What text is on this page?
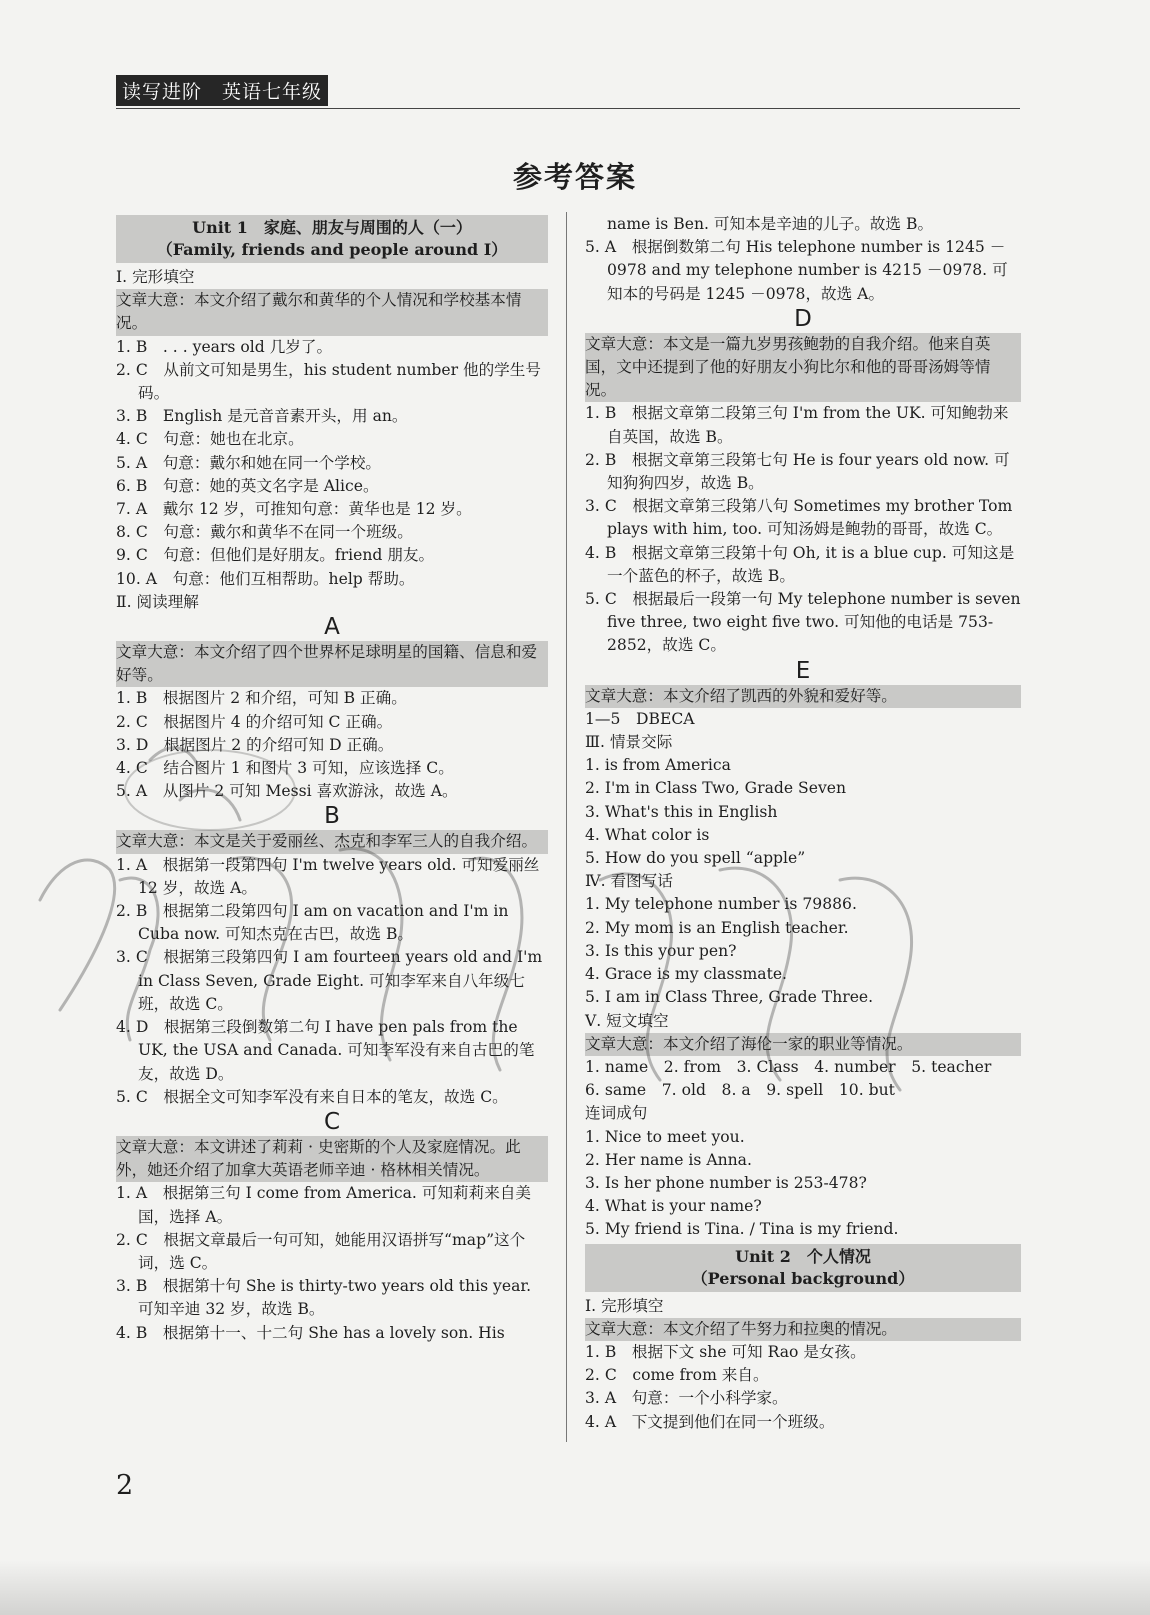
读写进阶　英语七年级
参考答案
Unit 1　家庭、朋友与周围的人（一）
（Family, friends and people around I）

Ⅰ. 完形填空

文章大意：本文介绍了戴尔和黄华的个人情况和学校基本情况。

1. B　. . . years old 几岁了。

2. C　从前文可知是男生，his student number 他的学生号码。

3. B　English 是元音音素开头，用 an。

4. C　句意：她也在北京。

5. A　句意：戴尔和她在同一个学校。

6. B　句意：她的英文名字是 Alice。

7. A　戴尔 12 岁，可推知句意：黄华也是 12 岁。

8. C　句意：戴尔和黄华不在同一个班级。

9. C　句意：但他们是好朋友。friend 朋友。

10. A　句意：他们互相帮助。help 帮助。

Ⅱ. 阅读理解

A

文章大意：本文介绍了四个世界杯足球明星的国籍、信息和爱好等。

1. B　根据图片 2 和介绍，可知 B 正确。

2. C　根据图片 4 的介绍可知 C 正确。

3. D　根据图片 2 的介绍可知 D 正确。

4. C　结合图片 1 和图片 3 可知，应该选择 C。

5. A　从图片 2 可知 Messi 喜欢游泳，故选 A。

B

文章大意：本文是关于爱丽丝、杰克和李军三人的自我介绍。

1. A　根据第一段第四句 I'm twelve years old. 可知爱丽丝 12 岁，故选 A。

2. B　根据第二段第四句 I am on vacation and I'm in Cuba now. 可知杰克在古巴，故选 B。

3. C　根据第三段第四句 I am fourteen years old and I'm in Class Seven, Grade Eight. 可知李军来自八年级七班，故选 C。

4. D　根据第三段倒数第二句 I have pen pals from the UK, the USA and Canada. 可知李军没有来自古巴的笔友，故选 D。

5. C　根据全文可知李军没有来自日本的笔友，故选 C。

C

文章大意：本文讲述了莉莉 · 史密斯的个人及家庭情况。此外，她还介绍了加拿大英语老师辛迪 · 格林相关情况。

1. A　根据第三句 I come from America. 可知莉莉来自美国，选择 A。

2. C　根据文章最后一句可知，她能用汉语拼写“map”这个词，选 C。

3. B　根据第十句 She is thirty-two years old this year. 可知辛迪 32 岁，故选 B。

4. B　根据第十一、十二句 She has a lovely son. His

name is Ben. 可知本是辛迪的儿子。故选 B。

5. A　根据倒数第二句 His telephone number is 1245 －0978 and my telephone number is 4215 －0978. 可知本的号码是 1245 －0978，故选 A。

D

文章大意：本文是一篇九岁男孩鲍勃的自我介绍。他来自英国，文中还提到了他的好朋友小狗比尔和他的哥哥汤姆等情况。

1. B　根据文章第二段第三句 I'm from the UK. 可知鲍勃来自英国，故选 B。

2. B　根据文章第三段第七句 He is four years old now. 可知狗狗四岁，故选 B。

3. C　根据文章第三段第八句 Sometimes my brother Tom plays with him, too. 可知汤姆是鲍勃的哥哥，故选 C。

4. B　根据文章第三段第十句 Oh, it is a blue cup. 可知这是一个蓝色的杯子，故选 B。

5. C　根据最后一段第一句 My telephone number is seven five three, two eight five two. 可知他的电话是 753-2852，故选 C。

E

文章大意：本文介绍了凯西的外貌和爱好等。

1—5　DBECA

Ⅲ. 情景交际

1. is from America

2. I'm in Class Two, Grade Seven

3. What's this in English

4. What color is

5. How do you spell “apple”

Ⅳ. 看图写话

1. My telephone number is 79886.

2. My mom is an English teacher.

3. Is this your pen?

4. Grace is my classmate.

5. I am in Class Three, Grade Three.

Ⅴ. 短文填空

文章大意：本文介绍了海伦一家的职业等情况。

1. name　2. from　3. Class　4. number　5. teacher

6. same　7. old　8. a　9. spell　10. but

连词成句

1. Nice to meet you.

2. Her name is Anna.

3. Is her phone number is 253-478?

4. What is your name?

5. My friend is Tina. / Tina is my friend.

Unit 2　个人情况
（Personal background）

Ⅰ. 完形填空

文章大意：本文介绍了牛努力和拉奥的情况。

1. B　根据下文 she 可知 Rao 是女孩。

2. C　come from 来自。

3. A　句意：一个小科学家。

4. A　下文提到他们在同一个班级。

2
